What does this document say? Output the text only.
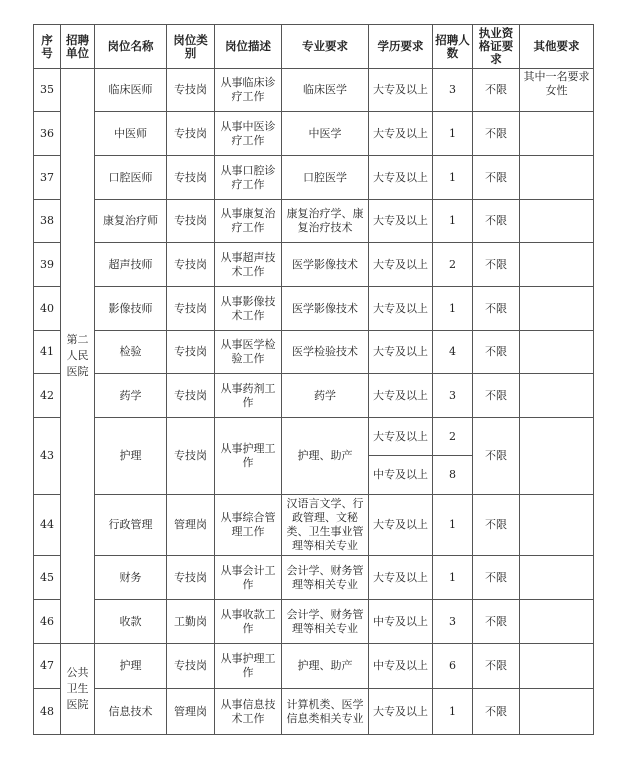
序号	招聘单位	岗位名称	岗位类别	岗位描述	专业要求	学历要求	招聘人数	执业资格证要求	其他要求
35	第二人民医院	临床医师	专技岗	从事临床诊疗工作	临床医学	大专及以上	3	不限	其中一名要求女性
36		中医师	专技岗	从事中医诊疗工作	中医学	大专及以上	1	不限	
37		口腔医师	专技岗	从事口腔诊疗工作	口腔医学	大专及以上	1	不限	
38		康复治疗师	专技岗	从事康复治疗工作	康复治疗学、康复治疗技术	大专及以上	1	不限	
39		超声技师	专技岗	从事超声技术工作	医学影像技术	大专及以上	2	不限	
40		影像技师	专技岗	从事影像技术工作	医学影像技术	大专及以上	1	不限	
41		检验	专技岗	从事医学检验工作	医学检验技术	大专及以上	4	不限	
42		药学	专技岗	从事药剂工作	药学	大专及以上	3	不限	
43		护理	专技岗	从事护理工作	护理、助产	大专及以上	2	不限	
						中专及以上	8		
44		行政管理	管理岗	从事综合管理工作	汉语言文学、行政管理、文秘类、卫生事业管理等相关专业	大专及以上	1	不限	
45		财务	专技岗	从事会计工作	会计学、财务管理等相关专业	大专及以上	1	不限	
46		收款	工勤岗	从事收款工作	会计学、财务管理等相关专业	中专及以上	3	不限	
47	公共卫生医院	护理	专技岗	从事护理工作	护理、助产	中专及以上	6	不限	
48		信息技术	管理岗	从事信息技术工作	计算机类、医学信息类相关专业	大专及以上	1	不限	
